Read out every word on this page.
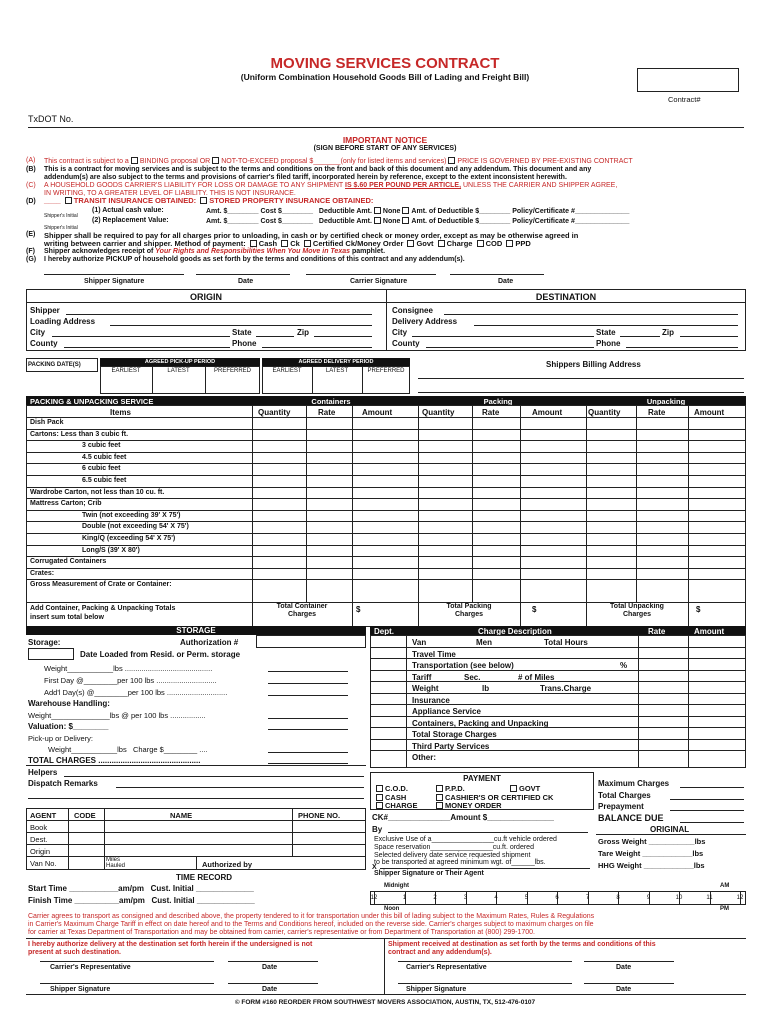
MOVING SERVICES CONTRACT
(Uniform Combination Household Goods Bill of Lading and Freight Bill)
Contract#
TxDOT No.
IMPORTANT NOTICE
(SIGN BEFORE START OF ANY SERVICES)
(A) This contract is subject to a BINDING proposal OR NOT-TO-EXCEED proposal $_______(only for listed items and services) PRICE IS GOVERNED BY PRE-EXISTING CONTRACT
(B) This is a contract for moving services and is subject to the terms and conditions on the front and back of this document and any addendum. This document and any
addendum(s) are also subject to the terms and provisions of carrier's filed tariff, incorporated herein by reference, except to the extent inconsistent herewith.
(C) A HOUSEHOLD GOODS CARRIER'S LIABILITY FOR LOSS OR DAMAGE TO ANY SHIPMENT IS $.60 PER POUND PER ARTICLE, UNLESS THE CARRIER AND SHIPPER AGREE,
IN WRITING, TO A GREATER LEVEL OF LIABILITY. THIS IS NOT INSURANCE.
(D) ____ TRANSIT INSURANCE OBTAINED: STORED PROPERTY INSURANCE OBTAINED:
Shipper's Initial
(1) Actual cash value:	Amt. $________ Cost $________   Deductible Amt. None Amt. of Deductible $________ Policy/Certificate #______________
(2) Replacement Value:	Amt. $________ Cost $________   Deductible Amt. None Amt. of Deductible $________ Policy/Certificate #______________
Shipper's Initial
(E) Shipper shall be required to pay for all charges prior to unloading, in cash or by certified check or money order, except as may be otherwise agreed in
writing between carrier and shipper. Method of payment: Cash Ck Certified Ck/Money Order Govt Charge COD PPD
(F) Shipper acknowledges receipt of Your Rights and Responsibilities When You Move in Texas pamphlet.
(G) I hereby authorize PICKUP of household goods as set forth by the terms and conditions of this contract and any addendum(s).
Shipper Signature	Date	Carrier Signature	Date
ORIGIN	DESTINATION
Shipper
Loading Address
City	State	Zip
County	Phone
Consignee
Delivery Address
City	State	Zip
County	Phone
PACKING DATE(S)	AGREED PICK-UP PERIOD	AGREED DELIVERY PERIOD
EARLIEST	LATEST	PREFERRED	EARLIEST	LATEST	PREFERRED
Shippers Billing Address
PACKING & UNPACKING SERVICE	Containers	Packing	Unpacking
Items	Quantity	Rate	Amount	Quantity	Rate	Amount	Quantity	Rate	Amount
Dish Pack
Cartons: Less than 3 cubic ft.
3 cubic feet
4.5 cubic feet
6 cubic feet
6.5 cubic feet
Wardrobe Carton, not less than 10 cu. ft.
Mattress Carton; Crib
Twin (not exceeding 39' X 75')
Double (not exceeding 54' X 75')
King/Q (exceeding 54' X 75')
Long/S (39' X 80')
Corrugated Containers
Crates:
Gross Measurement of Crate or Container:
Add Container, Packing & Unpacking Totals
insert sum total below
Total Container
Charges
$	Total Packing
Charges
$	Total Unpacking
Charges
$
STORAGE
Storage:	Authorization #
Date Loaded from Resid. or Perm. storage
Weight___________lbs ..........................................
First Day @________per 100 lbs .............................
Add'l Day(s) @________per 100 lbs .............................
Warehouse Handling:
Weight______________lbs @ per 100 lbs .................
Valuation: $________
Pick-up or Delivery:
Weight___________lbs Charge $________ ....
TOTAL CHARGES ..............................................
Helpers
Dispatch Remarks
Dept.	Charge Description	Rate	Amount
Van	Men	Total Hours
Travel Time
Transportation (see below)	%
Tariff	Sec.	# of Miles
Weight	lb	Trans.Charge
Insurance
Appliance Service
Containers, Packing and Unpacking
Total Storage Charges
Third Party Services
Other:
PAYMENT
C.O.D.	P.P.D.	GOVT
CASH	CASHIER'S OR CERTIFIED CK
CHARGE	MONEY ORDER
CK#______________Amount $_______________
By
Exclusive Use of a________________cu.ft vehicle ordered
Space reservation________________cu.ft. ordered
Selected delivery date service requested shipment
to be transported at agreed minimum wgt. of______lbs.
X
Shipper Signature or Their Agent
Maximum Charges
Total Charges
Prepayment
BALANCE DUE
ORIGINAL
Gross Weight ___________lbs
Tare Weight ____________lbs
HHG Weight ____________lbs
AGENT CODE	NAME	PHONE NO.
Book
Dest.
Origin
Van No.	Miles
Hauled	Authorized by
TIME RECORD
Start Time ___________am/pm Cust. Initial _____________
Finish Time __________am/pm Cust. Initial _____________
Midnight	AM
12	1	2	3	4	5	6	7	8	9	10	11	12
Noon	PM
Carrier agrees to transport as consigned and described above, the property tendered to it for transportation under this bill of lading subject to the Maximum Rates, Rules & Regulations
in Carrier's Maximum Charge Tariff in effect on date hereof and to the Terms and Conditions hereof, included on the reverse side. Carrier's charges subject to maximum charges on file
for carrier at Texas Department of Transportation and may be obtained from carrier, carrier's representative or from Department of Transportation at (800) 299-1700.
I hereby authorize delivery at the destination set forth herein if the undersigned is not
present at such destination.
Shipment received at destination as set forth by the terms and conditions of this
contract and any addendum(s).
Carrier's Representative	Date	Carrier's Representative	Date
Shipper Signature	Date	Shipper Signature	Date
© FORM #160 REORDER FROM SOUTHWEST MOVERS ASSOCIATION, AUSTIN, TX, 512-476-0107
